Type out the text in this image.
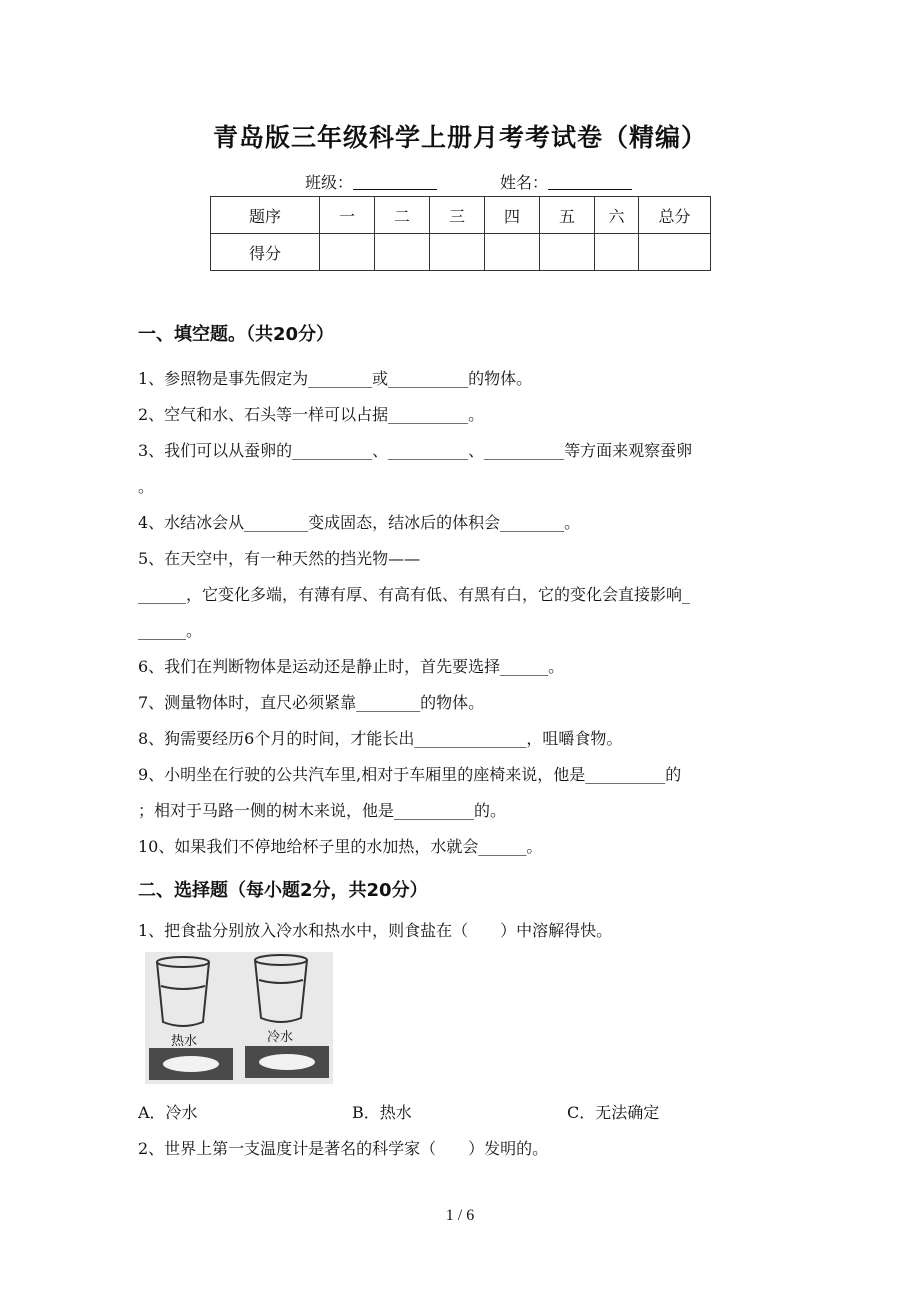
青岛版三年级科学上册月考考试卷（精编）
班级：	姓名：
题序	一	二	三	四	五	六	总分
得分							
一、填空题。（共20分）
1、参照物是事先假定为________或__________的物体。
2、空气和水、石头等一样可以占据__________。
3、我们可以从蚕卵的__________、__________、__________等方面来观察蚕卵
。
4、水结冰会从________变成固态，结冰后的体积会________。
5、在天空中，有一种天然的挡光物——
______，它变化多端，有薄有厚、有高有低、有黑有白，它的变化会直接影响_
______。
6、我们在判断物体是运动还是静止时，首先要选择______。
7、测量物体时，直尺必须紧靠________的物体。
8、狗需要经历6个月的时间，才能长出______________，咀嚼食物。
9、小明坐在行驶的公共汽车里,相对于车厢里的座椅来说，他是__________的
；相对于马路一侧的树木来说，他是__________的。
10、如果我们不停地给杯子里的水加热，水就会______。
二、选择题（每小题2分，共20分）
1、把食盐分别放入冷水和热水中，则食盐在（　　）中溶解得快。
热水	冷水
A．冷水	B．热水	C．无法确定
2、世界上第一支温度计是著名的科学家（　　）发明的。
1 / 6
